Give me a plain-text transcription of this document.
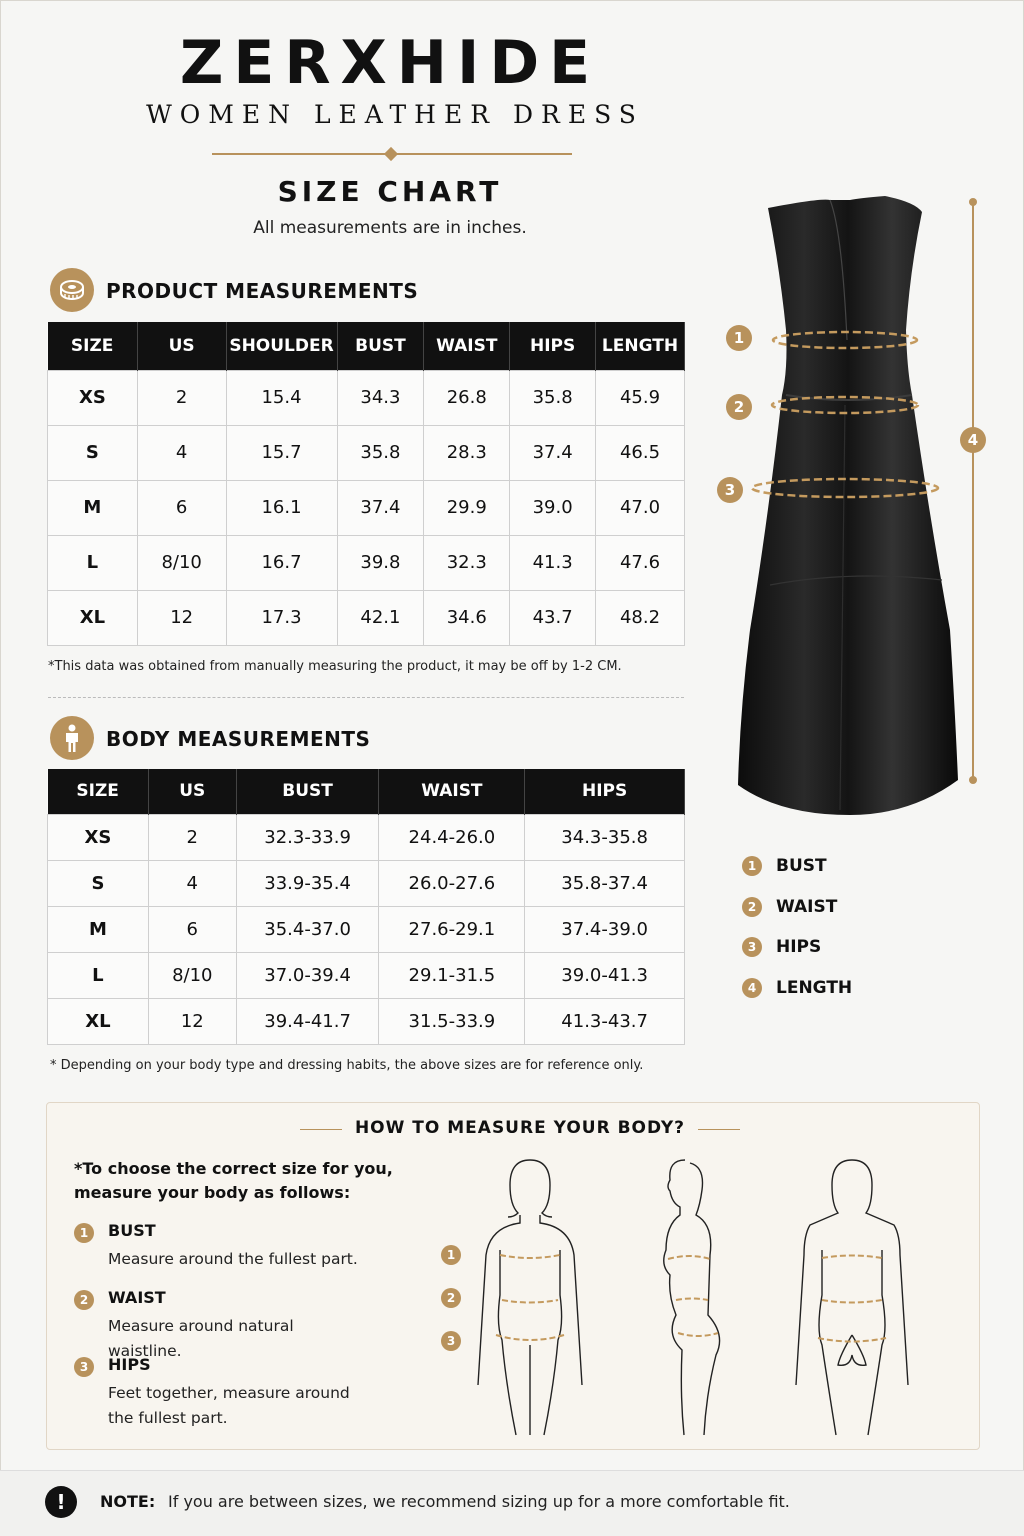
ZERXHIDE
WOMEN LEATHER DRESS
SIZE CHART
All measurements are in inches.
PRODUCT MEASUREMENTS
SIZE	US	SHOULDER	BUST	WAIST	HIPS	LENGTH
XS	2	15.4	34.3	26.8	35.8	45.9
S	4	15.7	35.8	28.3	37.4	46.5
M	6	16.1	37.4	29.9	39.0	47.0
L	8/10	16.7	39.8	32.3	41.3	47.6
XL	12	17.3	42.1	34.6	43.7	48.2
*This data was obtained from manually measuring the product, it may be off by 1-2 CM.
BODY MEASUREMENTS
SIZE	US	BUST	WAIST	HIPS
XS	2	32.3-33.9	24.4-26.0	34.3-35.8
S	4	33.9-35.4	26.0-27.6	35.8-37.4
M	6	35.4-37.0	27.6-29.1	37.4-39.0
L	8/10	37.0-39.4	29.1-31.5	39.0-41.3
XL	12	39.4-41.7	31.5-33.9	41.3-43.7
* Depending on your body type and dressing habits, the above sizes are for reference only.
1
2
3
4
1	BUST
2	WAIST
3	HIPS
4	LENGTH
HOW TO MEASURE YOUR BODY?
*To choose the correct size for you,
measure your body as follows:
1	BUST
Measure around the fullest part.
2	WAIST
Measure around natural waistline.
3	HIPS
Feet together, measure around the fullest part.
1
2
3
!	NOTE: If you are between sizes, we recommend sizing up for a more comfortable fit.
